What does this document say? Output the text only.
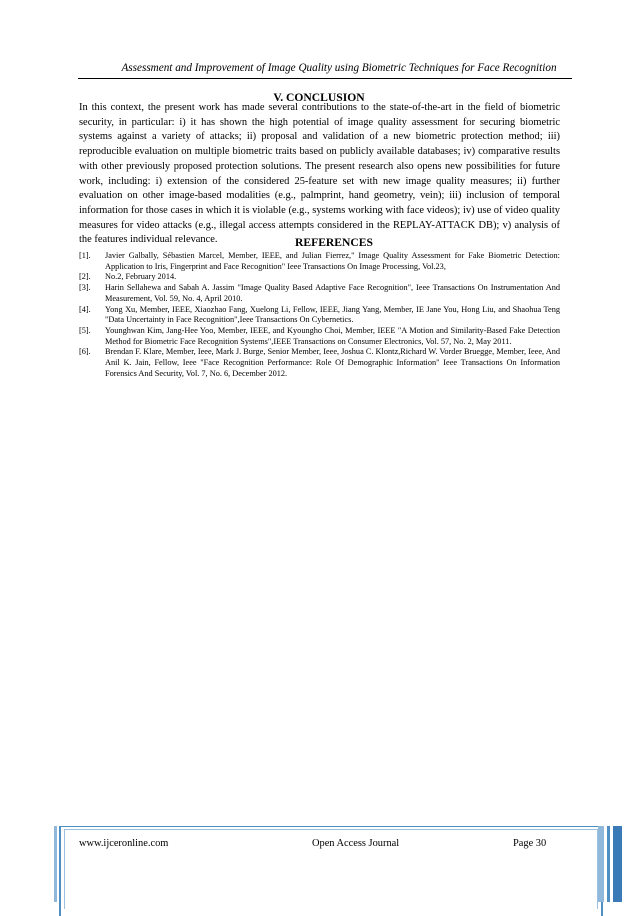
Assessment and Improvement of Image Quality using Biometric Techniques for Face Recognition
V. CONCLUSION
In this context, the present work has made several contributions to the state-of-the-art in the field of biometric security, in particular: i) it has shown the high potential of image quality assessment for securing biometric systems against a variety of attacks; ii) proposal and validation of a new biometric protection method; iii) reproducible evaluation on multiple biometric traits based on publicly available databases; iv) comparative results with other previously proposed protection solutions. The present research also opens new possibilities for future work, including: i) extension of the considered 25-feature set with new image quality measures; ii) further evaluation on other image-based modalities (e.g., palmprint, hand geometry, vein); iii) inclusion of temporal information for those cases in which it is violable (e.g., systems working with face videos); iv) use of video quality measures for video attacks (e.g., illegal access attempts considered in the REPLAY-ATTACK DB); v) analysis of the features individual relevance.	REFERENCES
[1].	Javier Galbally, Sébastien Marcel, Member, IEEE, and Julian Fierrez," Image Quality Assessment for Fake Biometric Detection: Application to Iris, Fingerprint and Face Recognition" Ieee Transactions On Image Processing, Vol.23,
[2].	No.2, February 2014.
[3].	Harin Sellahewa and Sabah A. Jassim "Image Quality Based Adaptive Face Recognition", Ieee Transactions On Instrumentation And Measurement, Vol. 59, No. 4, April 2010.
[4].	Yong Xu, Member, IEEE, Xiaozhao Fang, Xuelong Li, Fellow, IEEE, Jiang Yang, Member, IE Jane You, Hong Liu, and Shaohua Teng "Data Uncertainty in Face Recognition",Ieee Transactions On Cybernetics.
[5].	Younghwan Kim, Jang-Hee Yoo, Member, IEEE, and Kyoungho Choi, Member, IEEE "A Motion and Similarity-Based Fake Detection Method for Biometric Face Recognition Systems",IEEE Transactions on Consumer Electronics, Vol. 57, No. 2, May 2011.
[6].	Brendan F. Klare, Member, Ieee, Mark J. Burge, Senior Member, Ieee, Joshua C. Klontz,Richard W. Vorder Bruegge, Member, Ieee, And Anil K. Jain, Fellow, Ieee "Face Recognition Performance: Role Of Demographic Information" Ieee Transactions On Information Forensics And Security, Vol. 7, No. 6, December 2012.
www.ijceronline.com	Open Access Journal	Page 30
